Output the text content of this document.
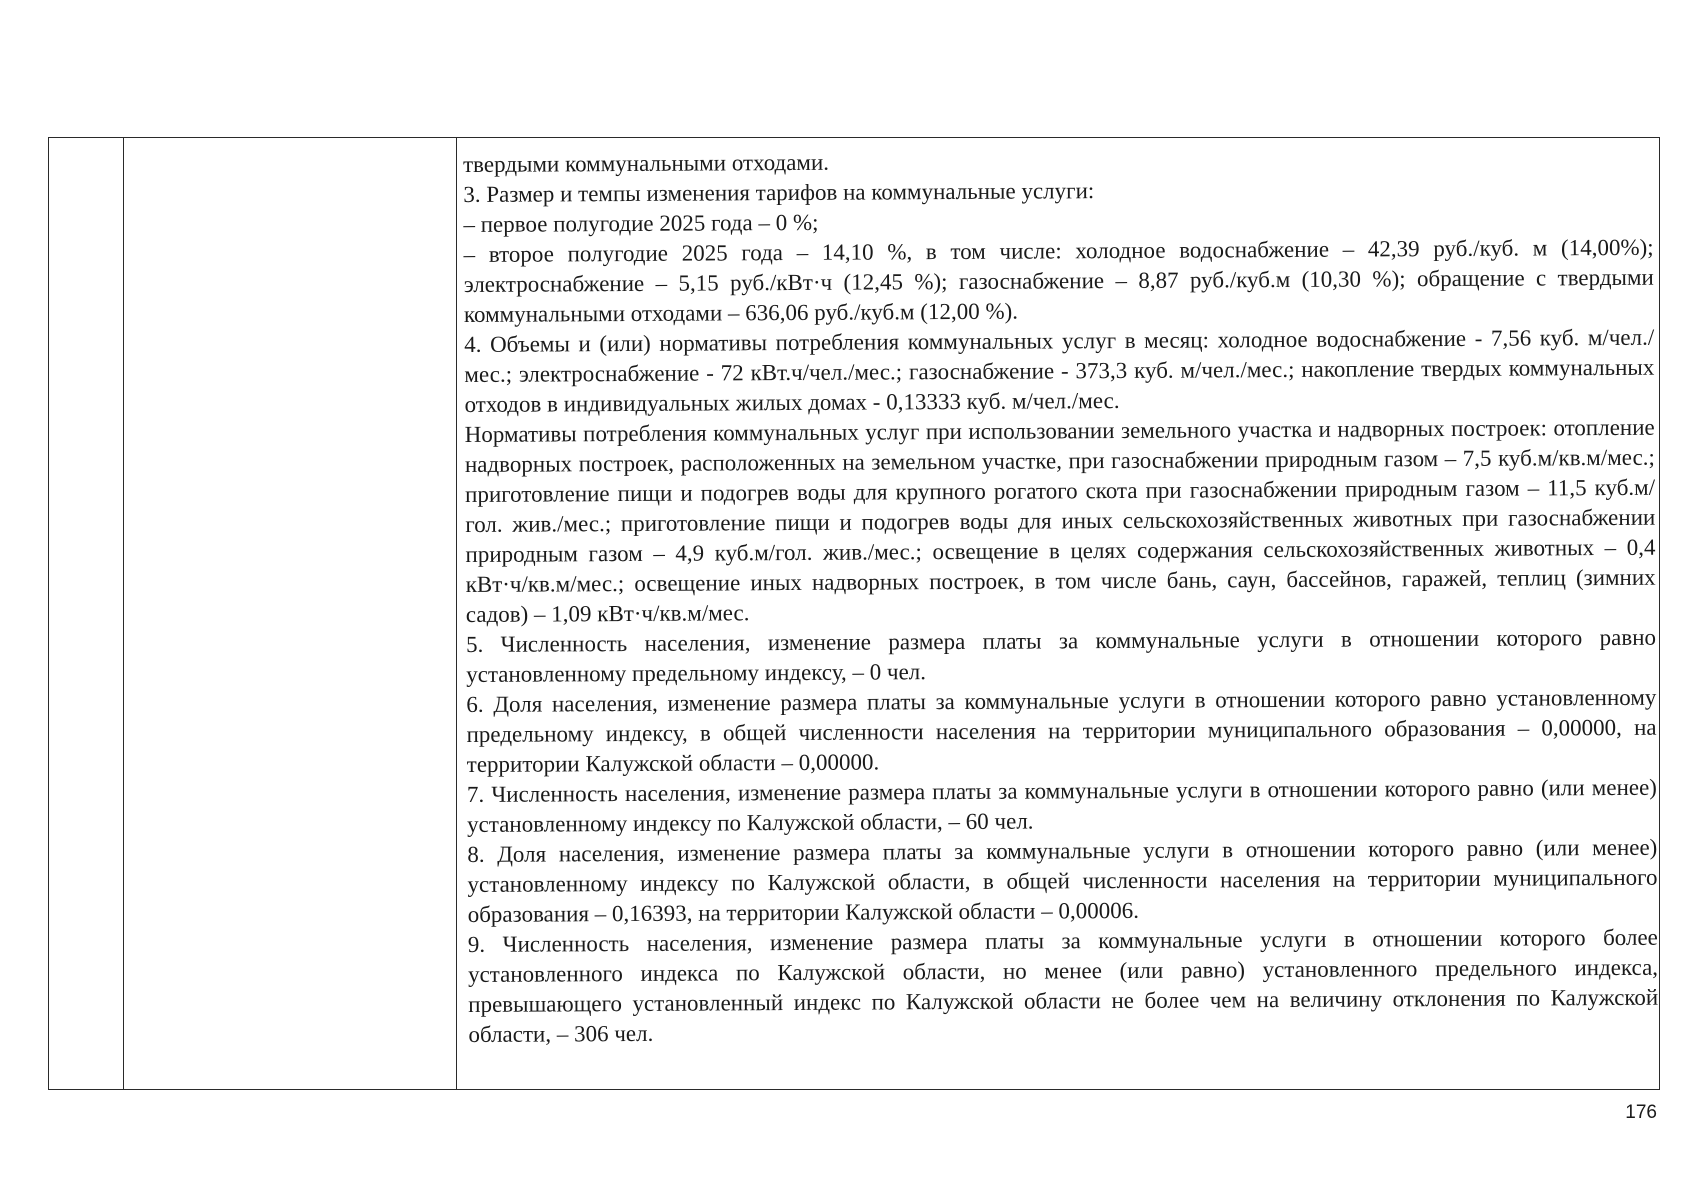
твердыми коммунальными отходами.

3. Размер и темпы изменения тарифов на коммунальные услуги:

– первое полугодие 2025 года – 0 %;

– второе полугодие 2025 года – 14,10 %, в том числе: холодное водоснабжение – 42,39 руб./куб. м (14,00%); электроснабжение – 5,15 руб./кВт·ч (12,45 %); газоснабжение – 8,87 руб./куб.м (10,30 %); обращение с твердыми коммунальными отходами – 636,06 руб./куб.м (12,00 %).

4. Объемы и (или) нормативы потребления коммунальных услуг в месяц: холодное водоснабжение - 7,56 куб. м/чел./мес.; электроснабжение - 72 кВт.ч/чел./мес.; газоснабжение - 373,3 куб. м/чел./мес.; накопление твердых коммунальных отходов в индивидуальных жилых домах - 0,13333 куб. м/чел./мес.

Нормативы потребления коммунальных услуг при использовании земельного участка и надворных построек: отопление надворных построек, расположенных на земельном участке, при газоснабжении природным газом – 7,5 куб.м/кв.м/мес.; приготовление пищи и подогрев воды для крупного рогатого скота при газоснабжении природным газом – 11,5 куб.м/гол. жив./мес.; приготовление пищи и подогрев воды для иных сельскохозяйственных животных при газоснабжении природным газом – 4,9 куб.м/гол. жив./мес.; освещение в целях содержания сельскохозяйственных животных – 0,4 кВт·ч/кв.м/мес.; освещение иных надворных построек, в том числе бань, саун, бассейнов, гаражей, теплиц (зимних садов) – 1,09 кВт·ч/кв.м/мес.

5. Численность населения, изменение размера платы за коммунальные услуги в отношении которого равно установленному предельному индексу, – 0 чел.

6. Доля населения, изменение размера платы за коммунальные услуги в отношении которого равно установленному предельному индексу, в общей численности населения на территории муниципального образования – 0,00000, на территории Калужской области – 0,00000.

7. Численность населения, изменение размера платы за коммунальные услуги в отношении которого равно (или менее) установленному индексу по Калужской области, – 60 чел.

8. Доля населения, изменение размера платы за коммунальные услуги в отношении которого равно (или менее) установленному индексу по Калужской области, в общей численности населения на территории муниципального образования – 0,16393, на территории Калужской области – 0,00006.

9. Численность населения, изменение размера платы за коммунальные услуги в отношении которого более установленного индекса по Калужской области, но менее (или равно) установленного предельного индекса, превышающего установленный индекс по Калужской области не более чем на величину отклонения по Калужской области, – 306 чел.

176
